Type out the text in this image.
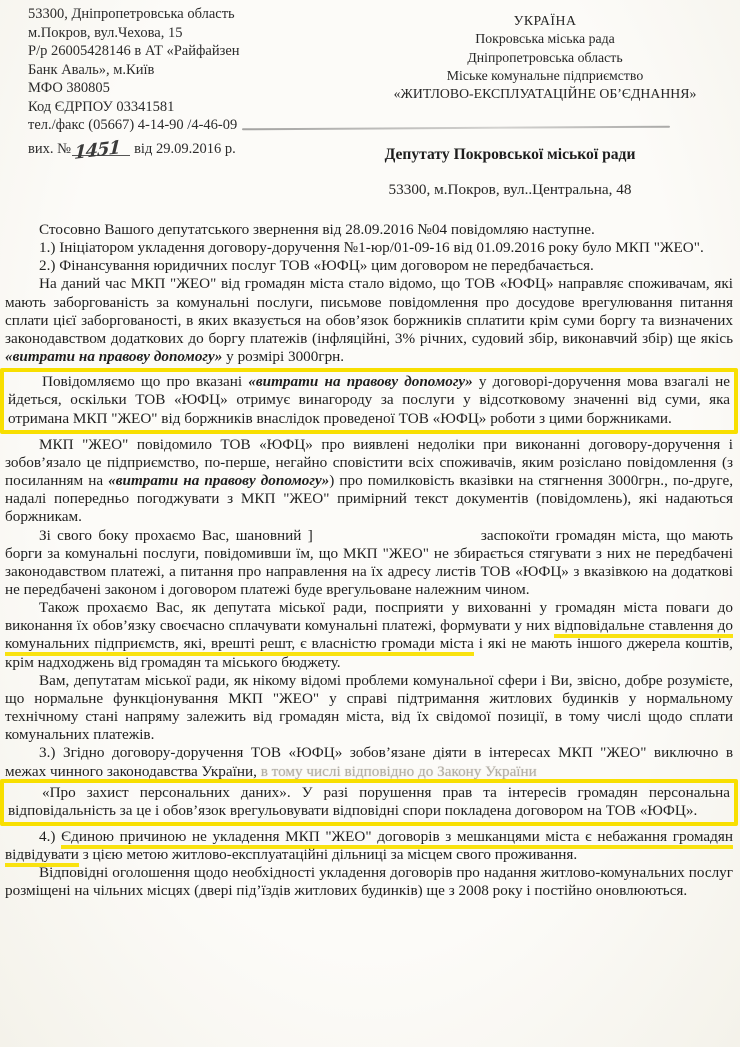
53300, Дніпропетровська область
м.Покров, вул.Чехова, 15
Р/р 26005428146 в АТ «Райфайзен
Банк Аваль», м.Київ
МФО 380805
Код ЄДРПОУ 03341581
тел./факс (05667) 4-14-90 /4-46-09
вих. № 1451 від 29.09.2016 р.
УКРАЇНА
Покровська міська рада
Дніпропетровська область
Міське комунальне підприємство
«ЖИТЛОВО-ЕКСПЛУАТАЦІЙНЕ ОБ’ЄДНАННЯ»
Депутату Покровської міської ради
53300, м.Покров, вул..Центральна, 48

Стосовно Вашого депутатського звернення від 28.09.2016 №04 повідомляю наступне.

1.) Ініціатором укладення договору-доручення №1-юр/01-09-16 від 01.09.2016 року було МКП "ЖЕО".

2.) Фінансування юридичних послуг ТОВ «ЮФЦ» цим договором не передбачається.

На даний час МКП "ЖЕО" від громадян міста стало відомо, що ТОВ «ЮФЦ» направляє споживачам, які мають заборгованість за комунальні послуги, письмове повідомлення про досудове врегулювання питання сплати цієї заборгованості, в яких вказується на обов’язок боржників сплатити крім суми боргу та визначених законодавством додаткових до боргу платежів (інфляційні, 3% річних, судовий збір, виконавчий збір) ще якісь «витрати на правову допомогу» у розмірі 3000грн.

Повідомляємо що про вказані «витрати на правову допомогу» у договорі-доручення мова взагалі не йдеться, оскільки ТОВ «ЮФЦ» отримує винагороду за послуги у відсотковому значенні від суми, яка отримана МКП "ЖЕО" від боржників внаслідок проведеної ТОВ «ЮФЦ» роботи з цими боржниками.

МКП "ЖЕО" повідомило ТОВ «ЮФЦ» про виявлені недоліки при виконанні договору-доручення і зобов’язало це підприємство, по-перше, негайно сповістити всіх споживачів, яким розіслано повідомлення (з посиланням на «витрати на правову допомогу») про помилковість вказівки на стягнення 3000грн., по-друге, надалі попередньо погоджувати з МКП "ЖЕО" примірний текст документів (повідомлень), які надаються боржникам.

Зі свого боку прохаємо Вас, шановний ]	заспокоїти громадян міста, що мають борги за комунальні послуги, повідомивши їм, що МКП "ЖЕО" не збирається стягувати з них не передбачені законодавством платежі, а питання про направлення на їх адресу листів ТОВ «ЮФЦ» з вказівкою на додаткові не передбачені законом і договором платежі буде врегульоване належним чином.

Також прохаємо Вас, як депутата міської ради, посприяти у вихованні у громадян міста поваги до виконання їх обов’язку своєчасно сплачувати комунальні платежі, формувати у них відповідальне ставлення до комунальних підприємств, які, врешті решт, є власністю громади міста і які не мають іншого джерела коштів, крім надходжень від громадян та міського бюджету.

Вам, депутатам міської ради, як нікому відомі проблеми комунальної сфери і Ви, звісно, добре розумієте, що нормальне функціонування МКП "ЖЕО" у справі підтримання житлових будинків у нормальному технічному стані напряму залежить від громадян міста, від їх свідомої позиції, в тому числі щодо сплати комунальних платежів.

3.) Згідно договору-доручення ТОВ «ЮФЦ» зобов’язане діяти в інтересах МКП "ЖЕО" виключно в межах чинного законодавства України, в тому числі відповідно до Закону України

«Про захист персональних даних». У разі порушення прав та інтересів громадян персональна відповідальність за це і обов’язок врегульовувати відповідні спори покладена договором на ТОВ «ЮФЦ».

4.) Єдиною причиною не укладення МКП "ЖЕО" договорів з мешканцями міста є небажання громадян відвідувати з цією метою житлово-експлуатаційні дільниці за місцем свого проживання.

Відповідні оголошення щодо необхідності укладення договорів про надання житлово-комунальних послуг розміщені на чільних місцях (двері під’їздів житлових будинків) ще з 2008 року і постійно оновлюються.
